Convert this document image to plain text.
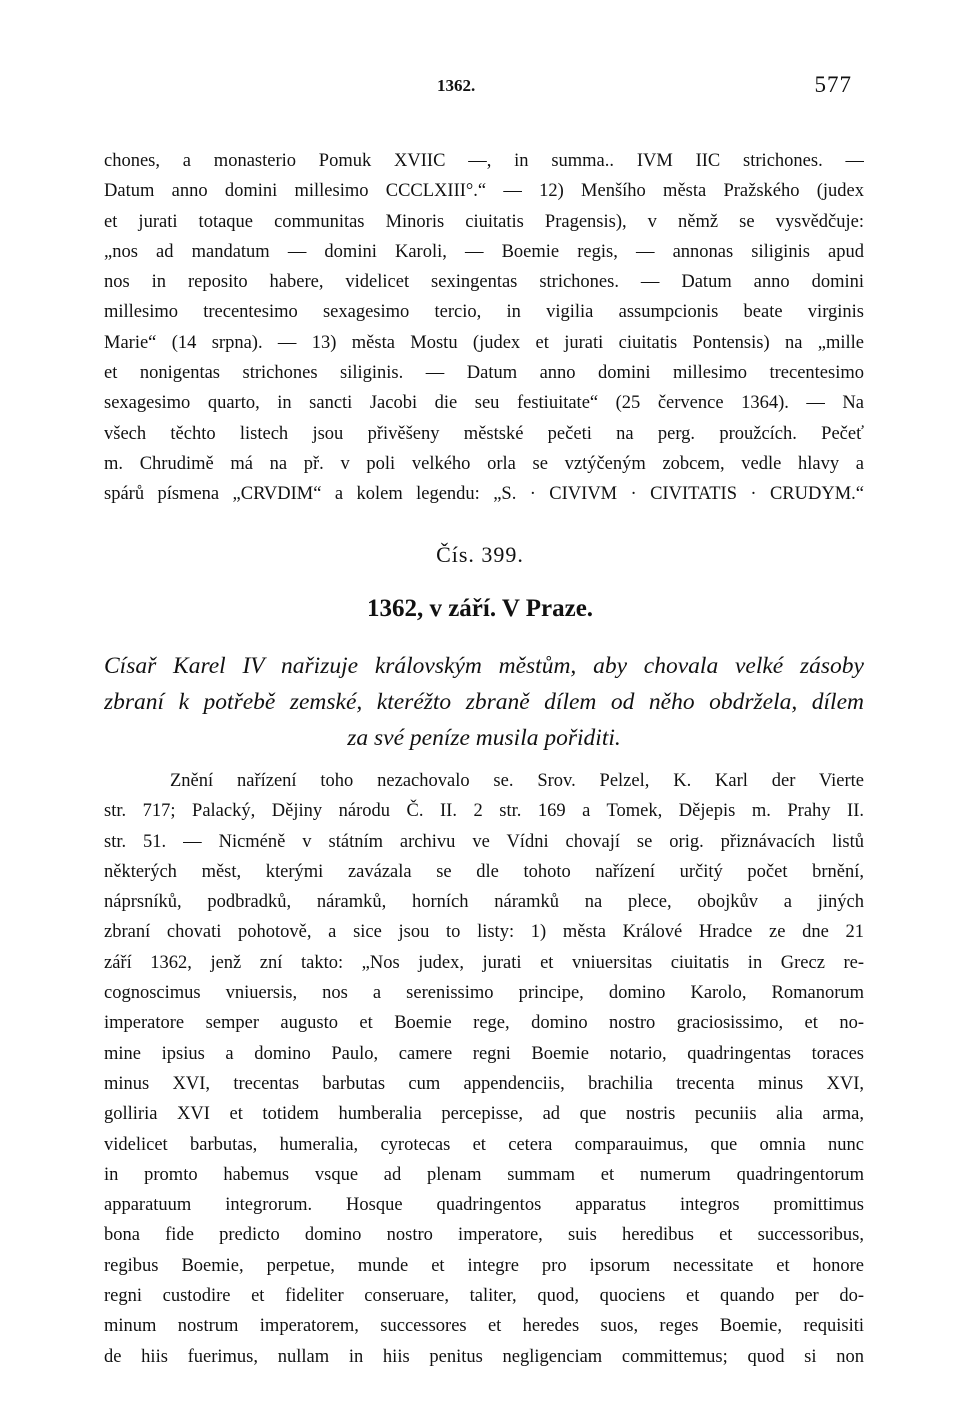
1362.	577
chones, a monasterio Pomuk XVIIC —, in summa.. IVM IIC strichones. —
Datum anno domini millesimo CCCLXIII°.“ — 12) Menšího města Pražského (judex
et jurati totaque communitas Minoris ciuitatis Pragensis), v němž se vysvědčuje:
„nos ad mandatum — domini Karoli, — Boemie regis, — annonas siliginis apud
nos in reposito habere, videlicet sexingentas strichones. — Datum anno domini
millesimo trecentesimo sexagesimo tercio, in vigilia assumpcionis beate virginis
Marie“ (14 srpna). — 13) města Mostu (judex et jurati ciuitatis Pontensis) na „mille
et nonigentas strichones siliginis. — Datum anno domini millesimo trecentesimo
sexagesimo quarto, in sancti Jacobi die seu festiuitate“ (25 července 1364). — Na
všech těchto listech jsou přivěšeny městské pečeti na perg. proužcích. Pečeť
m. Chrudimě má na př. v poli velkého orla se vztýčeným zobcem, vedle hlavy a
spárů písmena „CRVDIM“ a kolem legendu: „S. · CIVIVM · CIVITATIS · CRUDYM.“
Čís. 399.
1362, v září. V Praze.
Císař Karel IV nařizuje královským městům, aby chovala velké zásoby
zbraní k potřebě zemské, kteréžto zbraně dílem od něho obdržela, dílem
za své peníze musila pořiditi.
Znění nařízení toho nezachovalo se. Srov. Pelzel, K. Karl der Vierte
str. 717; Palacký, Dějiny národu Č. II. 2 str. 169 a Tomek, Dějepis m. Prahy II.
str. 51. — Nicméně v státním archivu ve Vídni chovají se orig. přiznávacích listů
některých měst, kterými zavázala se dle tohoto nařízení určitý počet brnění,
náprsníků, podbradků, náramků, horních náramků na plece, obojkův a jiných
zbraní chovati pohotově, a sice jsou to listy: 1) města Králové Hradce ze dne 21
září 1362, jenž zní takto: „Nos judex, jurati et vniuersitas ciuitatis in Grecz re-
cognoscimus vniuersis, nos a serenissimo principe, domino Karolo, Romanorum
imperatore semper augusto et Boemie rege, domino nostro graciosissimo, et no-
mine ipsius a domino Paulo, camere regni Boemie notario, quadringentas toraces
minus XVI, trecentas barbutas cum appendenciis, brachilia trecenta minus XVI,
golliria XVI et totidem humberalia percepisse, ad que nostris pecuniis alia arma,
videlicet barbutas, humeralia, cyrotecas et cetera comparauimus, que omnia nunc
in promto habemus vsque ad plenam summam et numerum quadringentorum
apparatuum integrorum. Hosque quadringentos apparatus integros promittimus
bona fide predicto domino nostro imperatore, suis heredibus et successoribus,
regibus Boemie, perpetue, munde et integre pro ipsorum necessitate et honore
regni custodire et fideliter conseruare, taliter, quod, quociens et quando per do-
minum nostrum imperatorem, successores et heredes suos, reges Boemie, requisiti
de hiis fuerimus, nullam in hiis penitus negligenciam committemus; quod si non
